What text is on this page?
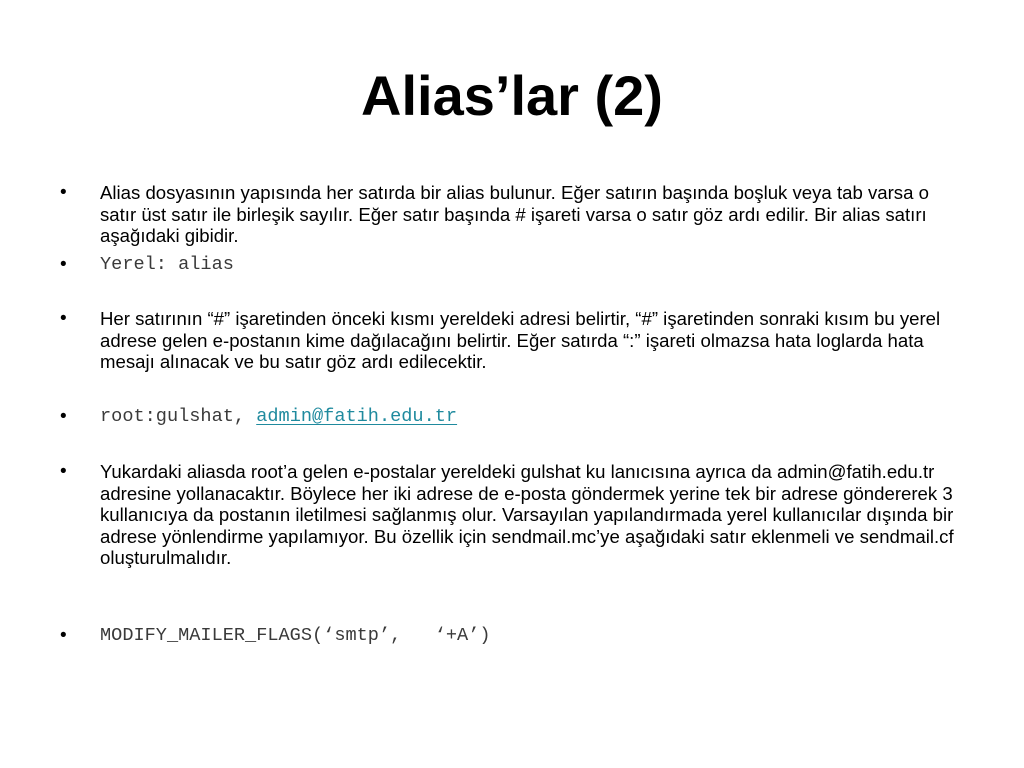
Alias’lar (2)
•	Alias dosyasının yapısında her satırda bir alias bulunur. Eğer satırın başında boşluk veya tab varsa o satır üst satır ile birleşik sayılır. Eğer satır başında # işareti varsa o satır göz ardı edilir. Bir alias satırı aşağıdaki gibidir.
•	Yerel: alias
•	Her satırının “#” işaretinden önceki kısmı yereldeki adresi belirtir, “#” işaretinden sonraki kısım bu yerel adrese gelen e-postanın kime dağılacağını belirtir. Eğer satırda “:” işareti olmazsa hata loglarda hata mesajı alınacak ve bu satır göz ardı edilecektir.
•	root:gulshat, admin@fatih.edu.tr
•	Yukardaki aliasda root’a gelen e-postalar yereldeki gulshat ku lanıcısına ayrıca da admin@fatih.edu.tr adresine yollanacaktır. Böylece her iki adrese de e-posta göndermek yerine tek bir adrese göndererek 3 kullanıcıya da postanın iletilmesi sağlanmış olur. Varsayılan yapılandırmada yerel kullanıcılar dışında bir adrese yönlendirme yapılamıyor. Bu özellik için sendmail.mc’ye aşağıdaki satır eklenmeli ve sendmail.cf oluşturulmalıdır.
•	MODIFY_MAILER_FLAGS(‘smtp’,   ‘+A’)
